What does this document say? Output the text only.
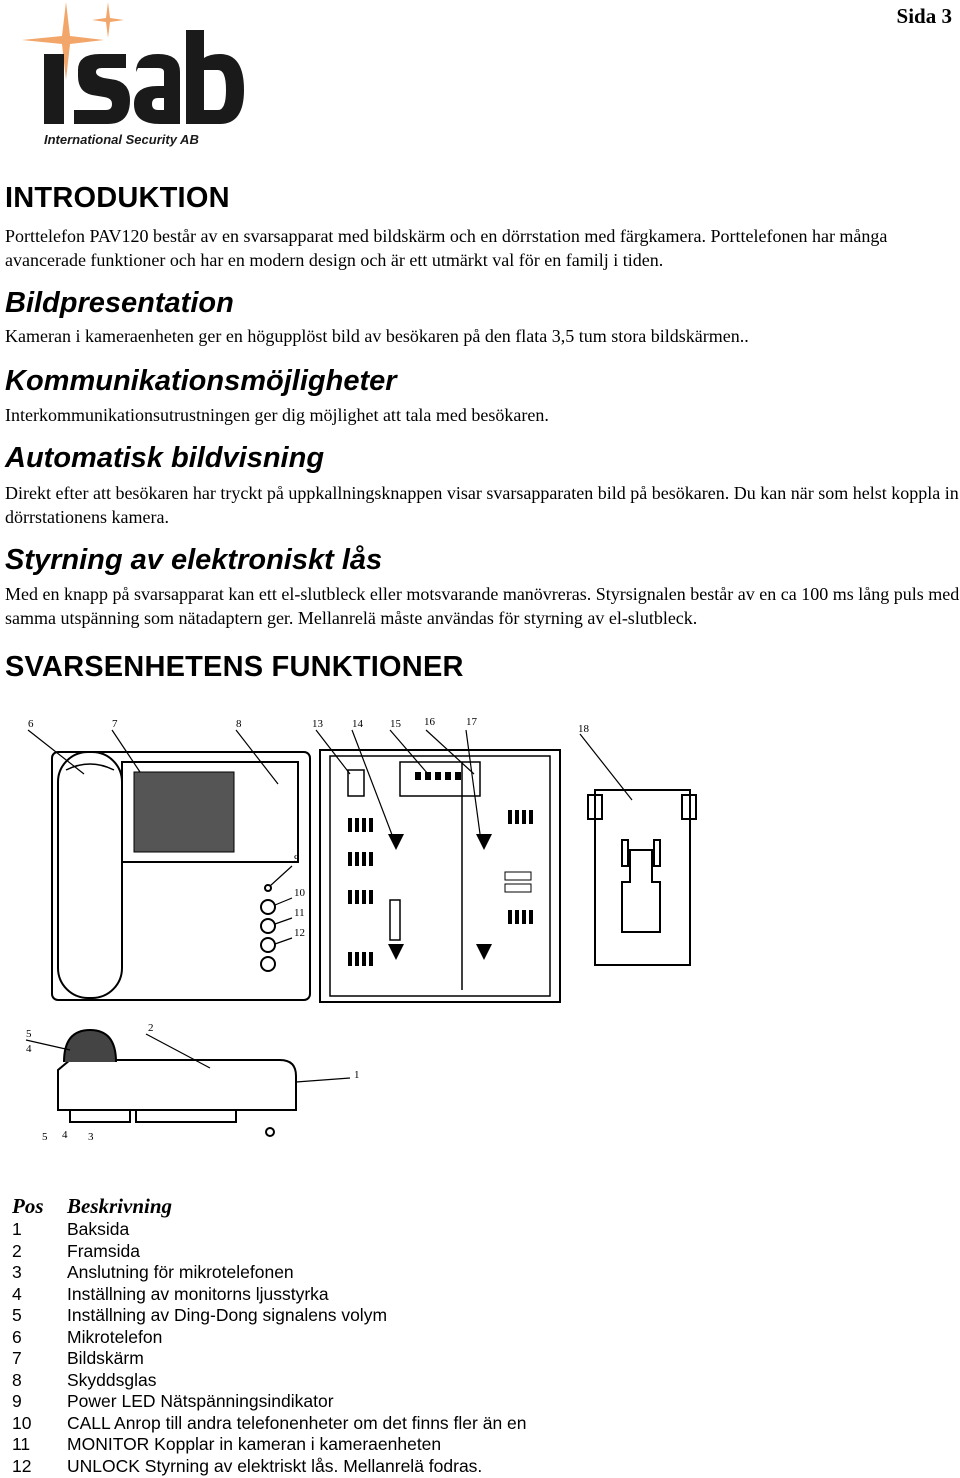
Sida 3
International Security AB
INTRODUKTION

Porttelefon PAV120 består av en svarsapparat med bildskärm och en dörrstation med färgkamera. Porttelefonen har många avancerade funktioner och har en modern design och är ett utmärkt val för en familj i tiden.

Bildpresentation

Kameran i kameraenheten ger en högupplöst bild av besökaren på den flata 3,5 tum stora bildskärmen..

Kommunikationsmöjligheter

Interkommunikationsutrustningen ger dig möjlighet att tala med besökaren.

Automatisk bildvisning

Direkt efter att besökaren har tryckt på uppkallningsknappen visar svarsapparaten bild på besökaren. Du kan när som helst koppla in dörrstationens kamera.

Styrning av elektroniskt lås

Med en knapp på svarsapparat kan ett el-slutbleck eller motsvarande manövreras. Styrsignalen består av en ca 100 ms lång puls med samma utspänning som nätadaptern ger. Mellanrelä måste användas för styrning av el-slutbleck.

SVARSENHETENS FUNKTIONER
6	7	8
9
10
11
12
13	14 15 16	17
18
5
4
2
1
5 4 3
Pos	Beskrivning
1	Baksida
2	Framsida
3	Anslutning för mikrotelefonen
4	Inställning av monitorns ljusstyrka
5	Inställning av Ding-Dong signalens volym
6	Mikrotelefon
7	Bildskärm
8	Skyddsglas
9	Power LED Nätspänningsindikator
10	CALL Anrop till andra telefonenheter om det finns fler än en
11	MONITOR Kopplar in kameran i kameraenheten
12	UNLOCK Styrning av elektriskt lås. Mellanrelä fodras.
